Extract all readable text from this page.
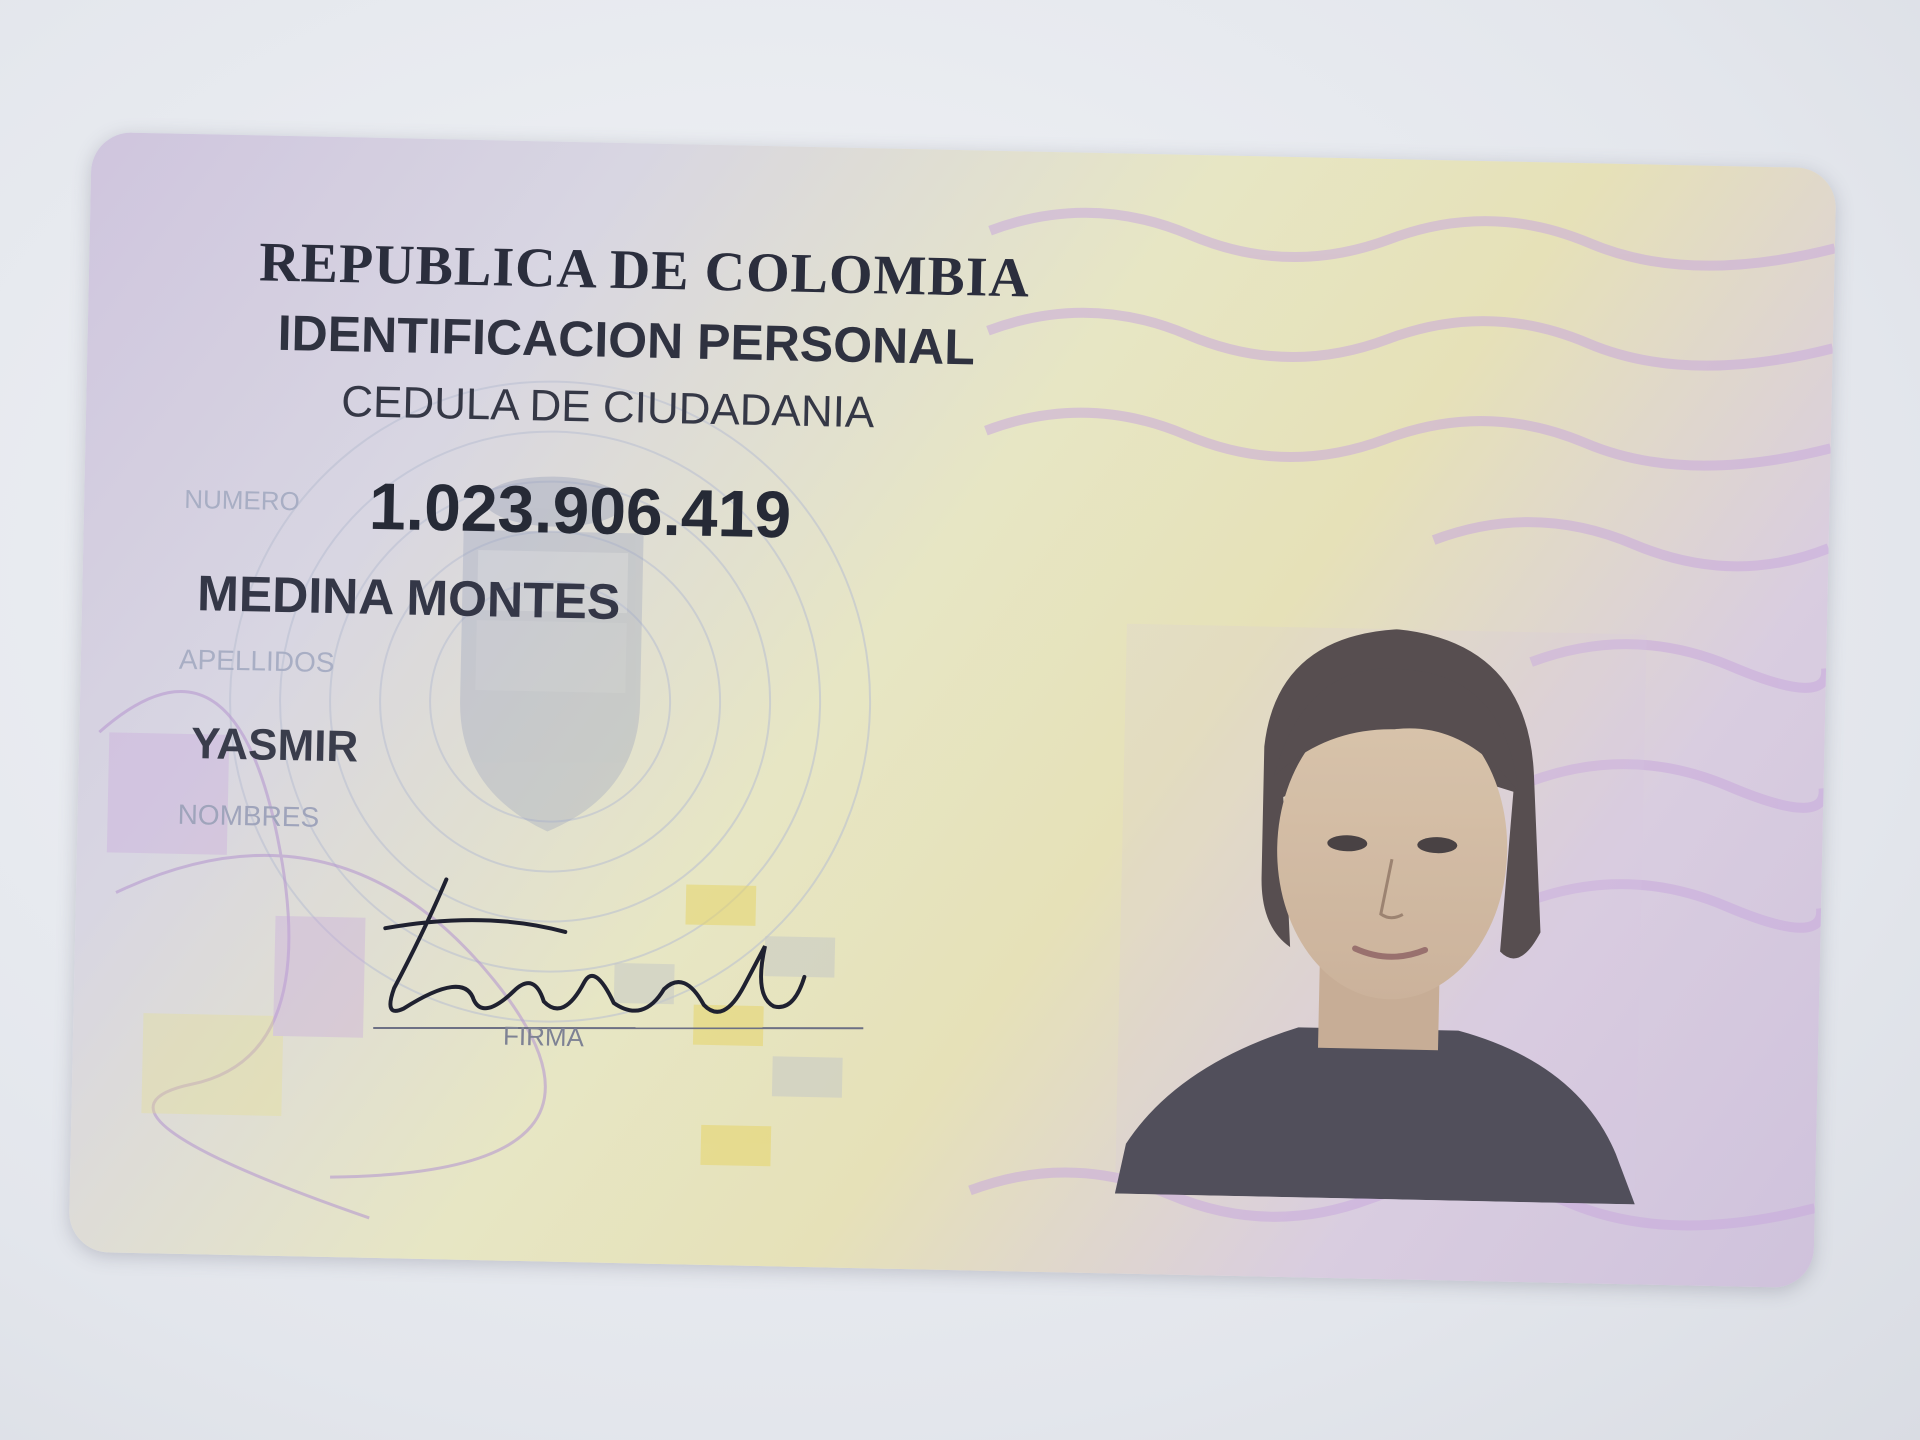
REPUBLICA DE COLOMBIA

IDENTIFICACION PERSONAL

CEDULA DE CIUDADANIA

NUMERO 1.023.906.419

MEDINA MONTES

APELLIDOS

YASMIR

NOMBRES

FIRMA
